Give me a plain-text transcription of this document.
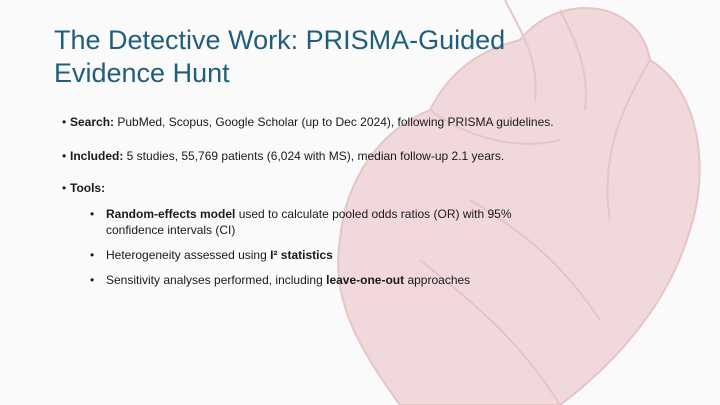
The Detective Work: PRISMA-Guided Evidence Hunt
• Search: PubMed, Scopus, Google Scholar (up to Dec 2024), following PRISMA guidelines.
• Included: 5 studies, 55,769 patients (6,024 with MS), median follow-up 2.1 years.
• Tools:
• Random-effects model used to calculate pooled odds ratios (OR) with 95% confidence intervals (CI)
• Heterogeneity assessed using I² statistics
• Sensitivity analyses performed, including leave-one-out approaches
